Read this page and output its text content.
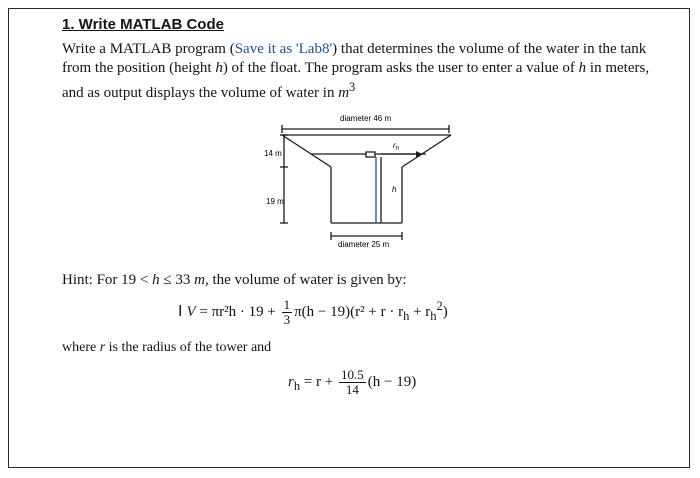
1. Write MATLAB Code

Write a MATLAB program (Save it as 'Lab8') that determines the volume of the water in the tank

from the position (height h) of the float. The program asks the user to enter a value of h in meters,

and as output displays the volume of water in $m^3$

diameter 46 m
14 m
19 m
$r_h$
h
diameter 25 m
Hint: For 19 < h ≤ 33 m, the volume of water is given by:
I $V = \pi r^2h \cdot 19 + \frac{1}{3} \pi(h - 19)(r^2 + r \cdot r_h + r_h^2)$
where r is the radius of the tower and
$r_h = r + \frac{10.5}{14} (h - 19)$
